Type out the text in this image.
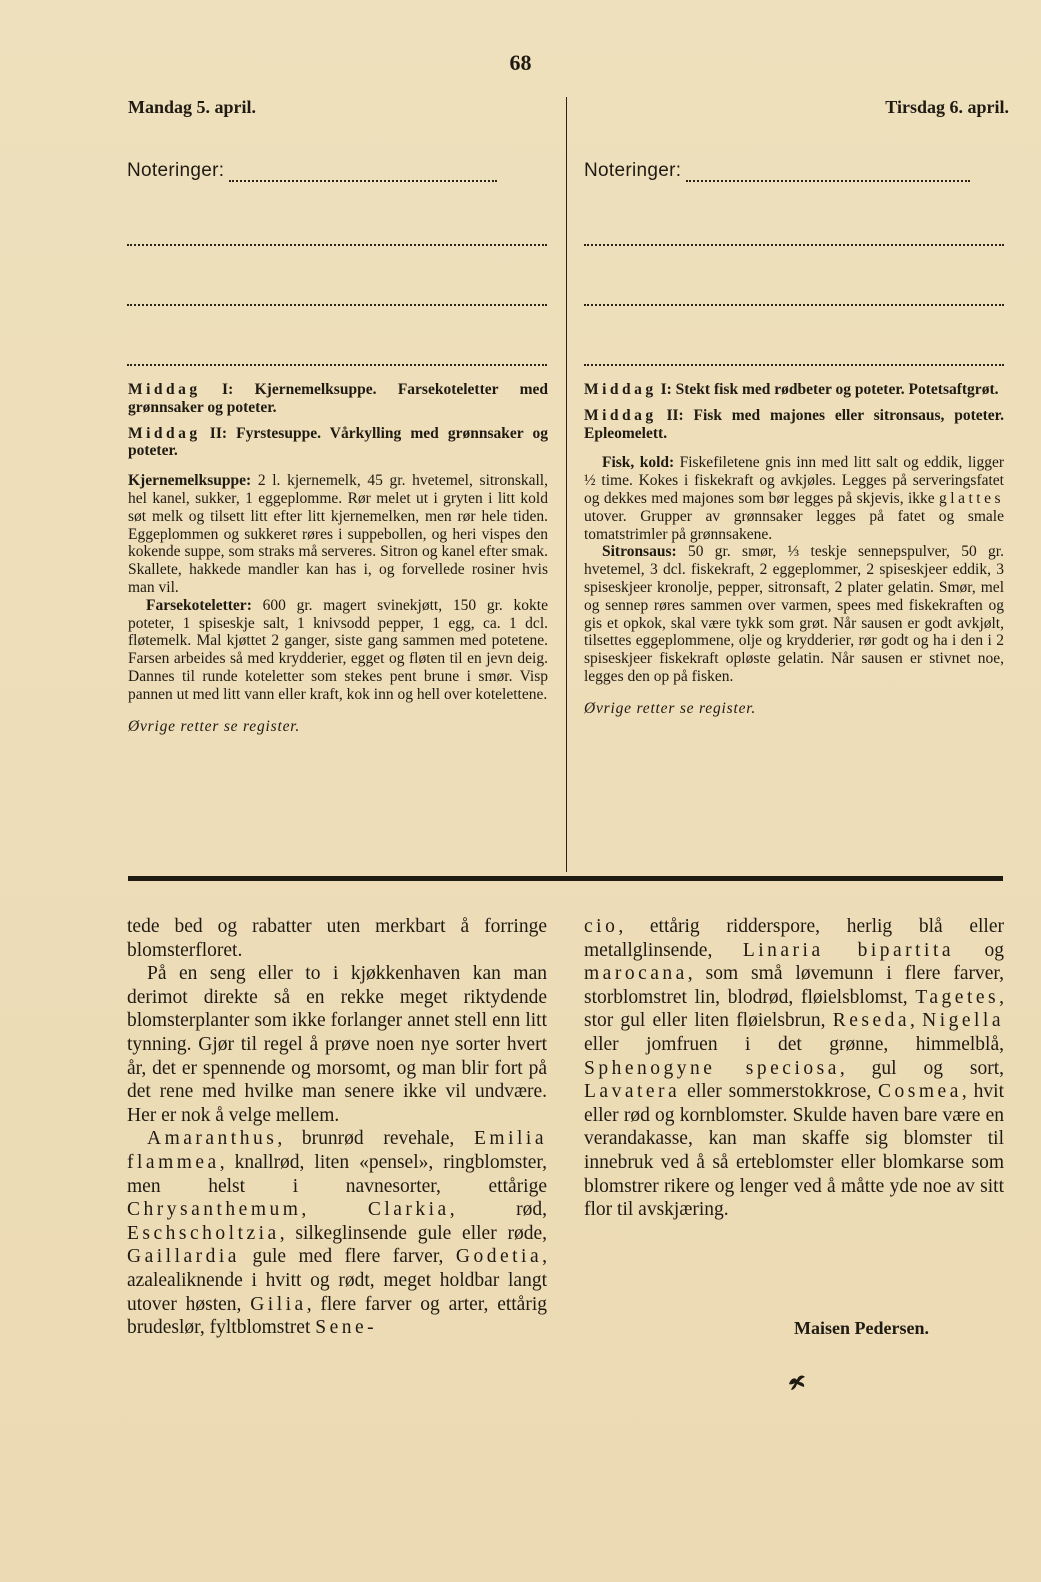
68
Mandag 5. april.	Tirsdag 6. april.
Noteringer:	Noteringer:

Middag I: Kjernemelksuppe. Farsekoteletter med grønnsaker og poteter.

Middag II: Fyrstesuppe. Vårkylling med grønnsaker og poteter.

Kjernemelksuppe: 2 l. kjernemelk, 45 gr. hvetemel, sitronskall, hel kanel, sukker, 1 eggeplomme. Rør melet ut i gryten i litt kold søt melk og tilsett litt efter litt kjernemelken, men rør hele tiden. Eggeplommen og sukkeret røres i suppebollen, og heri vispes den kokende suppe, som straks må serveres. Sitron og kanel efter smak. Skallete, hakkede mandler kan has i, og forvellede rosiner hvis man vil.

Farsekoteletter: 600 gr. magert svinekjøtt, 150 gr. kokte poteter, 1 spiseskje salt, 1 knivsodd pepper, 1 egg, ca. 1 dcl. fløtemelk. Mal kjøttet 2 ganger, siste gang sammen med potetene. Farsen arbeides så med krydderier, egget og fløten til en jevn deig. Dannes til runde koteletter som stekes pent brune i smør. Visp pannen ut med litt vann eller kraft, kok inn og hell over kotelettene.

Øvrige retter se register.

Middag I: Stekt fisk med rødbeter og poteter. Potetsaftgrøt.

Middag II: Fisk med majones eller sitronsaus, poteter. Epleomelett.

Fisk, kold: Fiskefiletene gnis inn med litt salt og eddik, ligger ½ time. Kokes i fiskekraft og avkjøles. Legges på serveringsfatet og dekkes med majones som bør legges på skjevis, ikke glattes utover. Grupper av grønnsaker legges på fatet og smale tomatstrimler på grønnsakene.

Sitronsaus: 50 gr. smør, ⅓ teskje sennepspulver, 50 gr. hvetemel, 3 dcl. fiskekraft, 2 eggeplommer, 2 spiseskjeer eddik, 3 spiseskjeer kronolje, pepper, sitronsaft, 2 plater gelatin. Smør, mel og sennep røres sammen over varmen, spees med fiskekraften og gis et opkok, skal være tykk som grøt. Når sausen er godt avkjølt, tilsettes eggeplommene, olje og krydderier, rør godt og ha i den i 2 spiseskjeer fiskekraft opløste gelatin. Når sausen er stivnet noe, legges den op på fisken.

Øvrige retter se register.

tede bed og rabatter uten merkbart å forringe blomsterfloret.

På en seng eller to i kjøkkenhaven kan man derimot direkte så en rekke meget riktydende blomsterplanter som ikke forlanger annet stell enn litt tynning. Gjør til regel å prøve noen nye sorter hvert år, det er spennende og morsomt, og man blir fort på det rene med hvilke man senere ikke vil undvære. Her er nok å velge mellem.

Amaranthus, brunrød revehale, Emilia flammea, knallrød, liten «pensel», ringblomster, men helst i navnesorter, ettårige Chrysanthemum, Clarkia, rød, Eschscholtzia, silkeglinsende gule eller røde, Gaillardia gule med flere farver, Godetia, azalealiknende i hvitt og rødt, meget holdbar langt utover høsten, Gilia, flere farver og arter, ettårig brudeslør, fyltblomstret Sene-

cio, ettårig ridderspore, herlig blå eller metallglinsende, Linaria bipartita og marocana, som små løvemunn i flere farver, storblomstret lin, blodrød, fløielsblomst, Tagetes, stor gul eller liten fløielsbrun, Reseda, Nigella eller jomfruen i det grønne, himmelblå, Sphenogyne speciosa, gul og sort, Lavatera eller sommerstokkrose, Cosmea, hvit eller rød og kornblomster. Skulde haven bare være en verandakasse, kan man skaffe sig blomster til innebruk ved å så erteblomster eller blomkarse som blomstrer rikere og lenger ved å måtte yde noe av sitt flor til avskjæring.

Maisen Pedersen.
